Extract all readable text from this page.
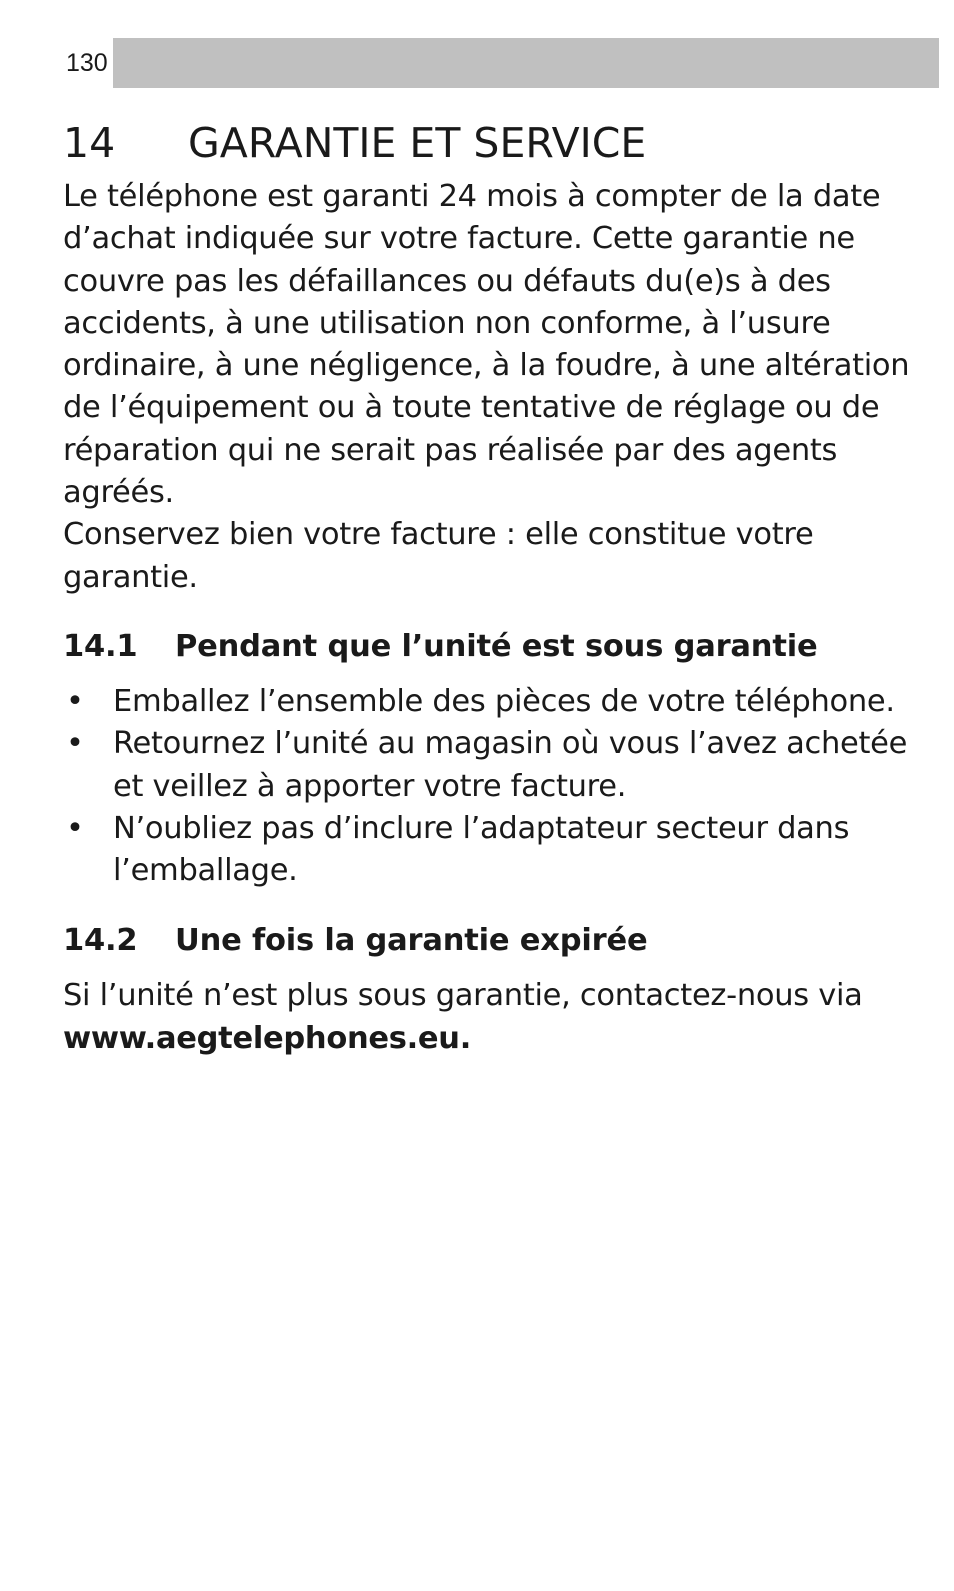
130
14	GARANTIE ET SERVICE

Le téléphone est garanti 24 mois à compter de la date d’achat indiquée sur votre facture. Cette garantie ne couvre pas les défaillances ou défauts du(e)s à des accidents, à une utilisation non conforme, à l’usure ordinaire, à une négligence, à la foudre, à une altération de l’équipement ou à toute tentative de réglage ou de réparation qui ne serait pas réalisée par des agents agréés.
Conservez bien votre facture : elle constitue votre garantie.

14.1	Pendant que l’unité est sous garantie
• Emballez l’ensemble des pièces de votre téléphone.
• Retournez l’unité au magasin où vous l’avez achetée et veillez à apporter votre facture.
• N’oubliez pas d’inclure l’adaptateur secteur dans l’emballage.
14.2	Une fois la garantie expirée

Si l’unité n’est plus sous garantie, contactez-nous via www.aegtelephones.eu.
